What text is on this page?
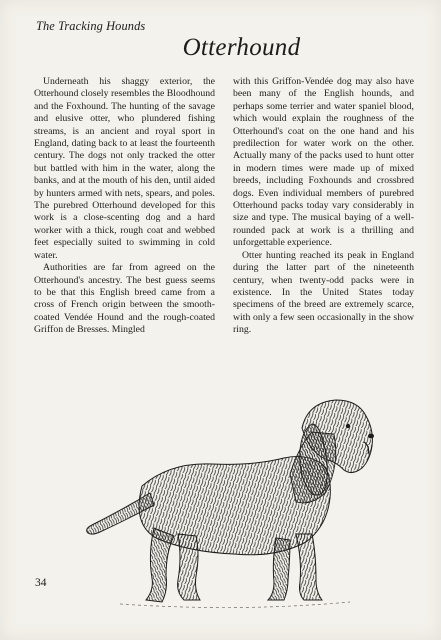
The Tracking Hounds
Otterhound

Underneath his shaggy exterior, the Otterhound closely resembles the Bloodhound and the Foxhound. The hunting of the savage and elusive otter, who plundered fishing streams, is an ancient and royal sport in England, dating back to at least the fourteenth century. The dogs not only tracked the otter but battled with him in the water, along the banks, and at the mouth of his den, until aided by hunters armed with nets, spears, and poles. The purebred Otterhound developed for this work is a close-scenting dog and a hard worker with a thick, rough coat and webbed feet especially suited to swimming in cold water.

Authorities are far from agreed on the Otterhound's ancestry. The best guess seems to be that this English breed came from a cross of French origin between the smooth-coated Vendée Hound and the rough-coated Griffon de Bresses. Mingled

with this Griffon-Vendée dog may also have been many of the English hounds, and perhaps some terrier and water spaniel blood, which would explain the roughness of the Otterhound's coat on the one hand and his predilection for water work on the other. Actually many of the packs used to hunt otter in modern times were made up of mixed breeds, including Foxhounds and crossbred dogs. Even individual members of purebred Otterhound packs today vary considerably in size and type. The musical baying of a well-rounded pack at work is a thrilling and unforgettable experience.

Otter hunting reached its peak in England during the latter part of the nineteenth century, when twenty-odd packs were in existence. In the United States today specimens of the breed are extremely scarce, with only a few seen occasionally in the show ring.

34
